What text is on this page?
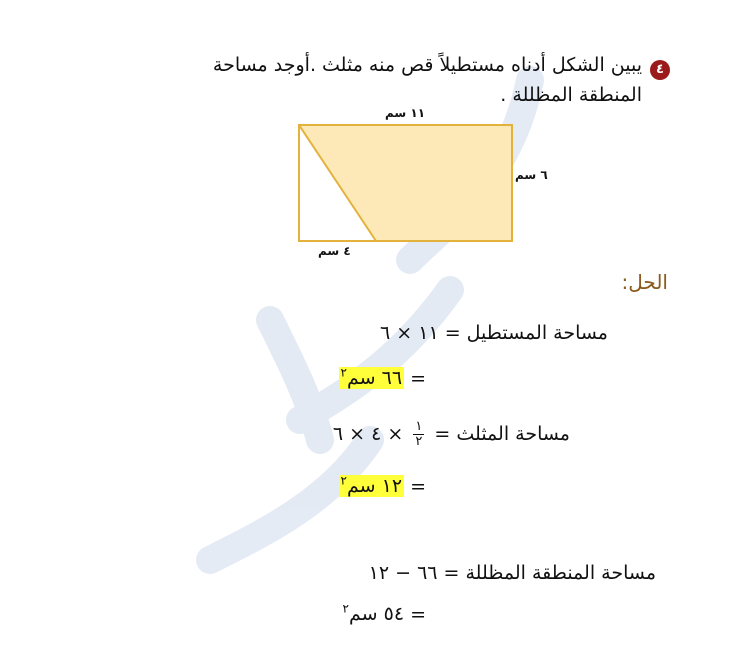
٤
يبين الشكل أدناه مستطيلاً قص منه مثلث .أوجد مساحة
المنطقة المظللة .
١١ سم
٦ سم
٤ سم
الحل:
مساحة المستطيل = ١١ × ٦
= ٦٦ سم$^٢$
مساحة المثلث =
$\frac{١}{٢}$
× ٤ × ٦
= ١٢ سم$^٢$
مساحة المنطقة المظللة = ٦٦ − ١٢
= ٥٤ سم$^٢$
